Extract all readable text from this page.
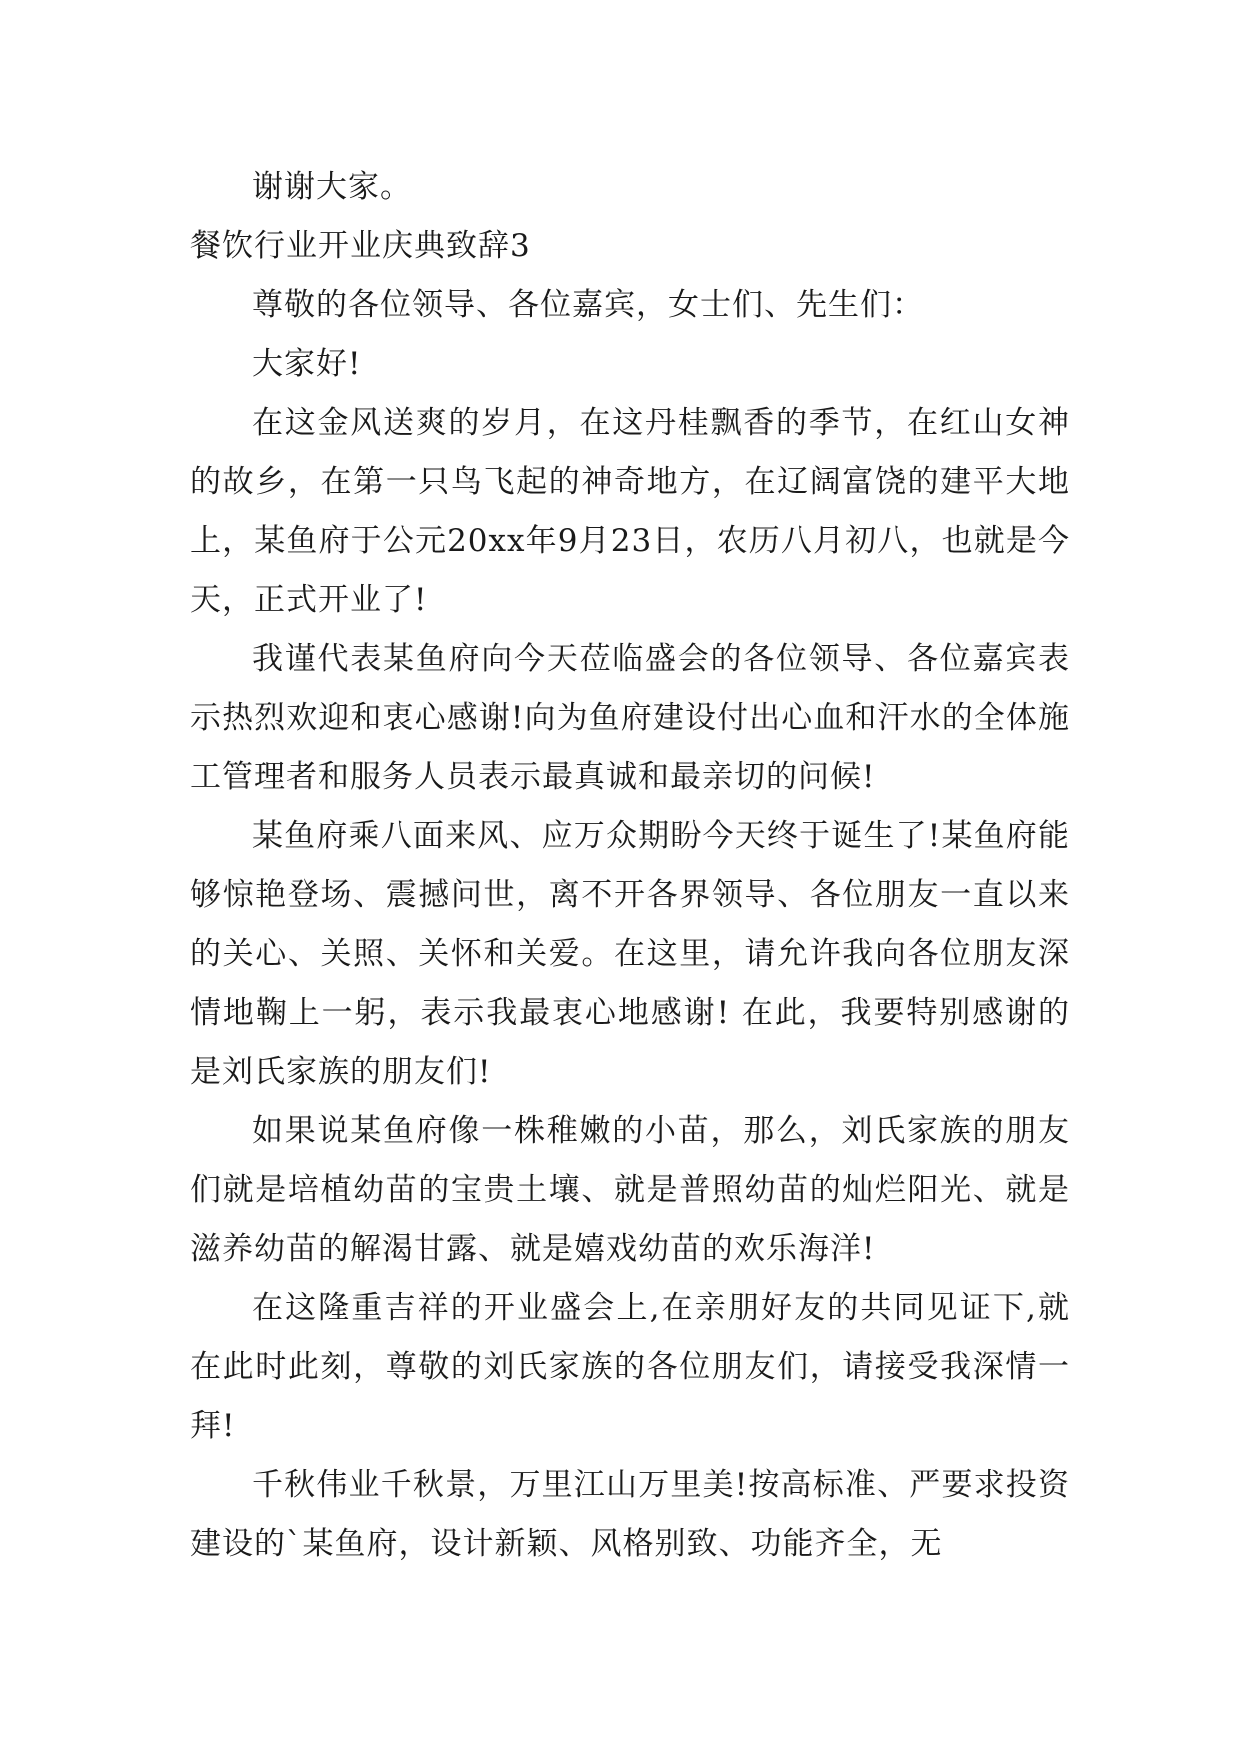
谢谢大家。

餐饮行业开业庆典致辞3

尊敬的各位领导、各位嘉宾，女士们、先生们：

大家好!

在这金风送爽的岁月，在这丹桂飘香的季节，在红山女神的故乡，在第一只鸟飞起的神奇地方，在辽阔富饶的建平大地上，某鱼府于公元20xx年9月23日，农历八月初八，也就是今天，正式开业了!

我谨代表某鱼府向今天莅临盛会的各位领导、各位嘉宾表示热烈欢迎和衷心感谢!向为鱼府建设付出心血和汗水的全体施工管理者和服务人员表示最真诚和最亲切的问候!

某鱼府乘八面来风、应万众期盼今天终于诞生了!某鱼府能够惊艳登场、震撼问世，离不开各界领导、各位朋友一直以来的关心、关照、关怀和关爱。在这里，请允许我向各位朋友深情地鞠上一躬，表示我最衷心地感谢! 在此，我要特别感谢的是刘氏家族的朋友们!

如果说某鱼府像一株稚嫩的小苗，那么，刘氏家族的朋友们就是培植幼苗的宝贵土壤、就是普照幼苗的灿烂阳光、就是滋养幼苗的解渴甘露、就是嬉戏幼苗的欢乐海洋!

在这隆重吉祥的开业盛会上,在亲朋好友的共同见证下,就在此时此刻，尊敬的刘氏家族的各位朋友们，请接受我深情一拜!

千秋伟业千秋景，万里江山万里美!按高标准、严要求投资建设的`某鱼府，设计新颖、风格别致、功能齐全，无
